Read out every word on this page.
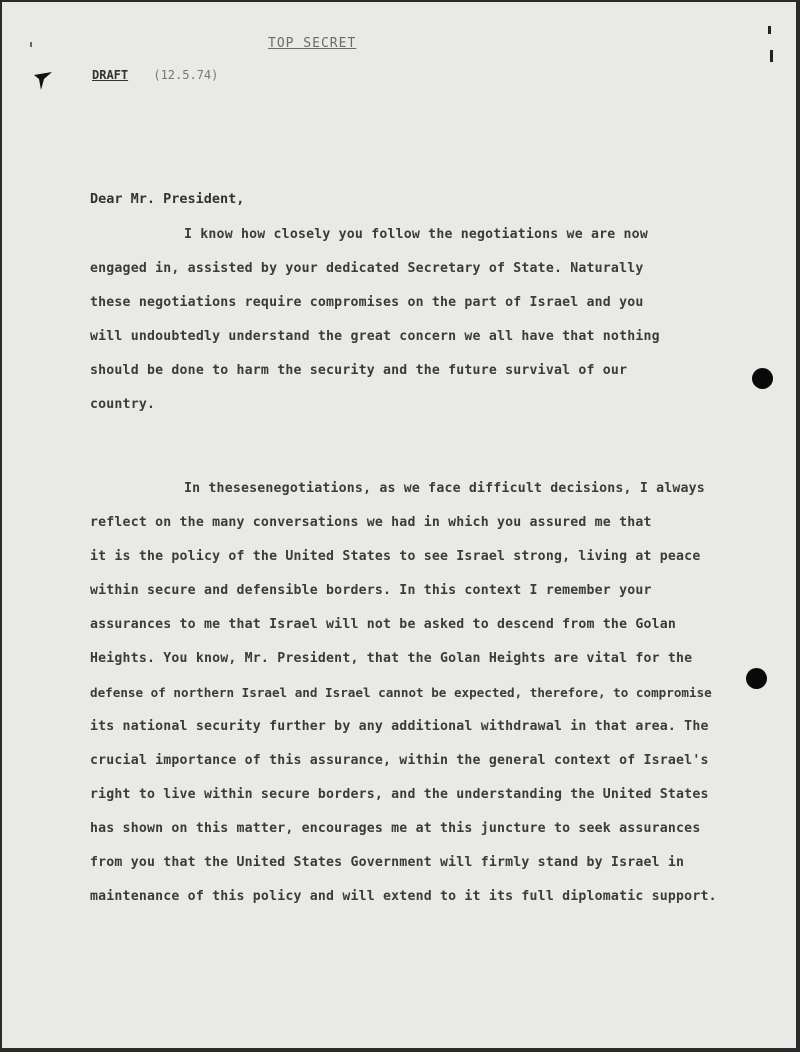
TOP SECRET
DRAFT (12.5.74)
Dear Mr. President,
I know how closely you follow the negotiations we are now
engaged in, assisted by your dedicated Secretary of State. Naturally
these negotiations require compromises on the part of Israel and you
will undoubtedly understand the great concern we all have that nothing
should be done to harm the security and the future survival of our
country.
In thesesenegotiations, as we face difficult decisions, I always
reflect on the many conversations we had in which you assured me that
it is the policy of the United States to see Israel strong, living at peace
within secure and defensible borders. In this context I remember your
assurances to me that Israel will not be asked to descend from the Golan
Heights. You know, Mr. President, that the Golan Heights are vital for the
defense of northern Israel and Israel cannot be expected, therefore, to compromise
its national security further by any additional withdrawal in that area. The
crucial importance of this assurance, within the general context of Israel's
right to live within secure borders, and the understanding the United States
has shown on this matter, encourages me at this juncture to seek assurances
from you that the United States Government will firmly stand by Israel in
maintenance of this policy and will extend to it its full diplomatic support.
